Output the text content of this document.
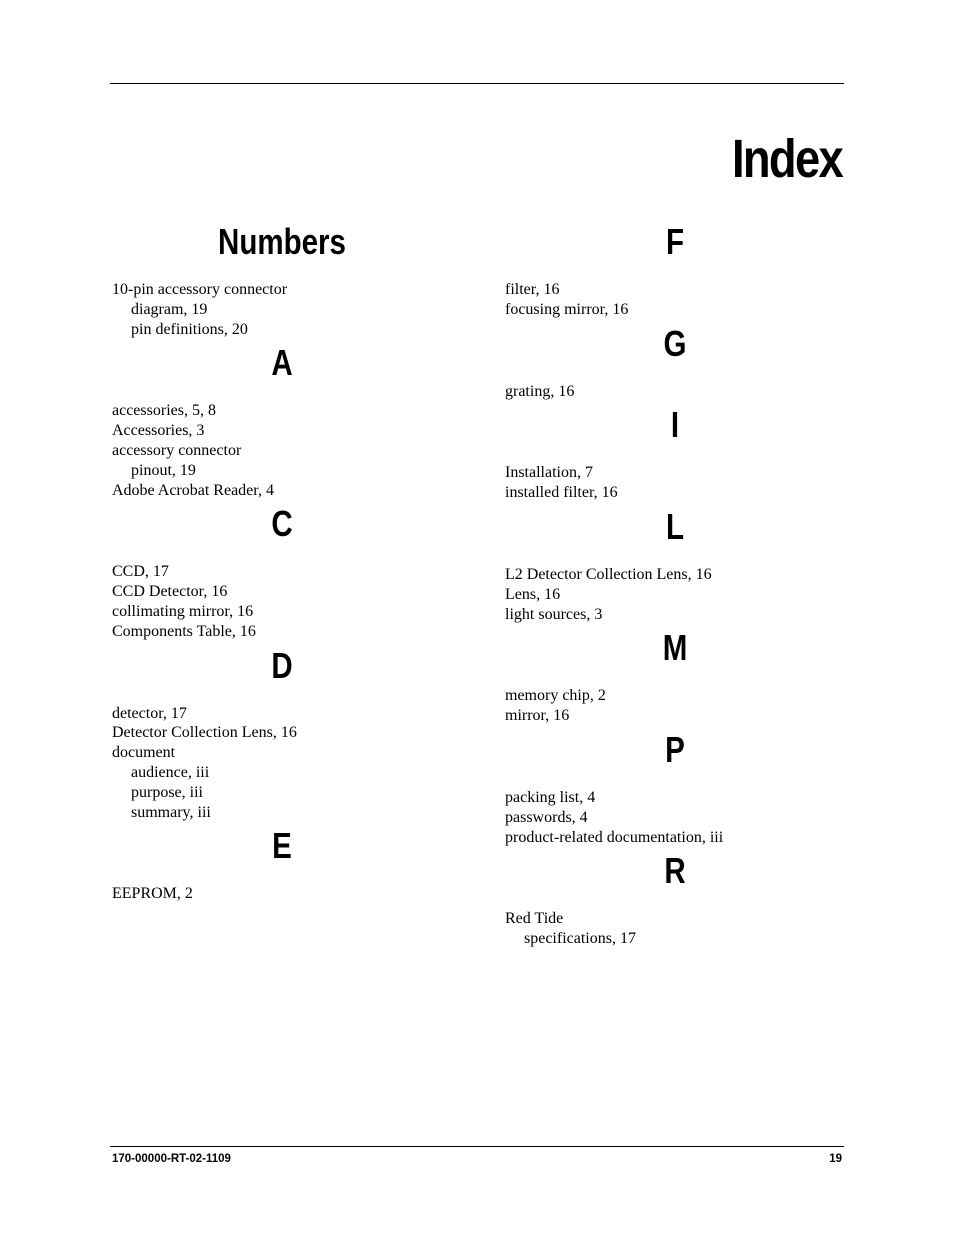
Index
Numbers
10-pin accessory connector
diagram, 19
pin definitions, 20
A
accessories, 5, 8
Accessories, 3
accessory connector
pinout, 19
Adobe Acrobat Reader, 4
C
CCD, 17
CCD Detector, 16
collimating mirror, 16
Components Table, 16
D
detector, 17
Detector Collection Lens, 16
document
audience, iii
purpose, iii
summary, iii
E
EEPROM, 2
F
filter, 16
focusing mirror, 16
G
grating, 16
I
Installation, 7
installed filter, 16
L
L2 Detector Collection Lens, 16
Lens, 16
light sources, 3
M
memory chip, 2
mirror, 16
P
packing list, 4
passwords, 4
product-related documentation, iii
R
Red Tide
specifications, 17
170-00000-RT-02-1109	19
